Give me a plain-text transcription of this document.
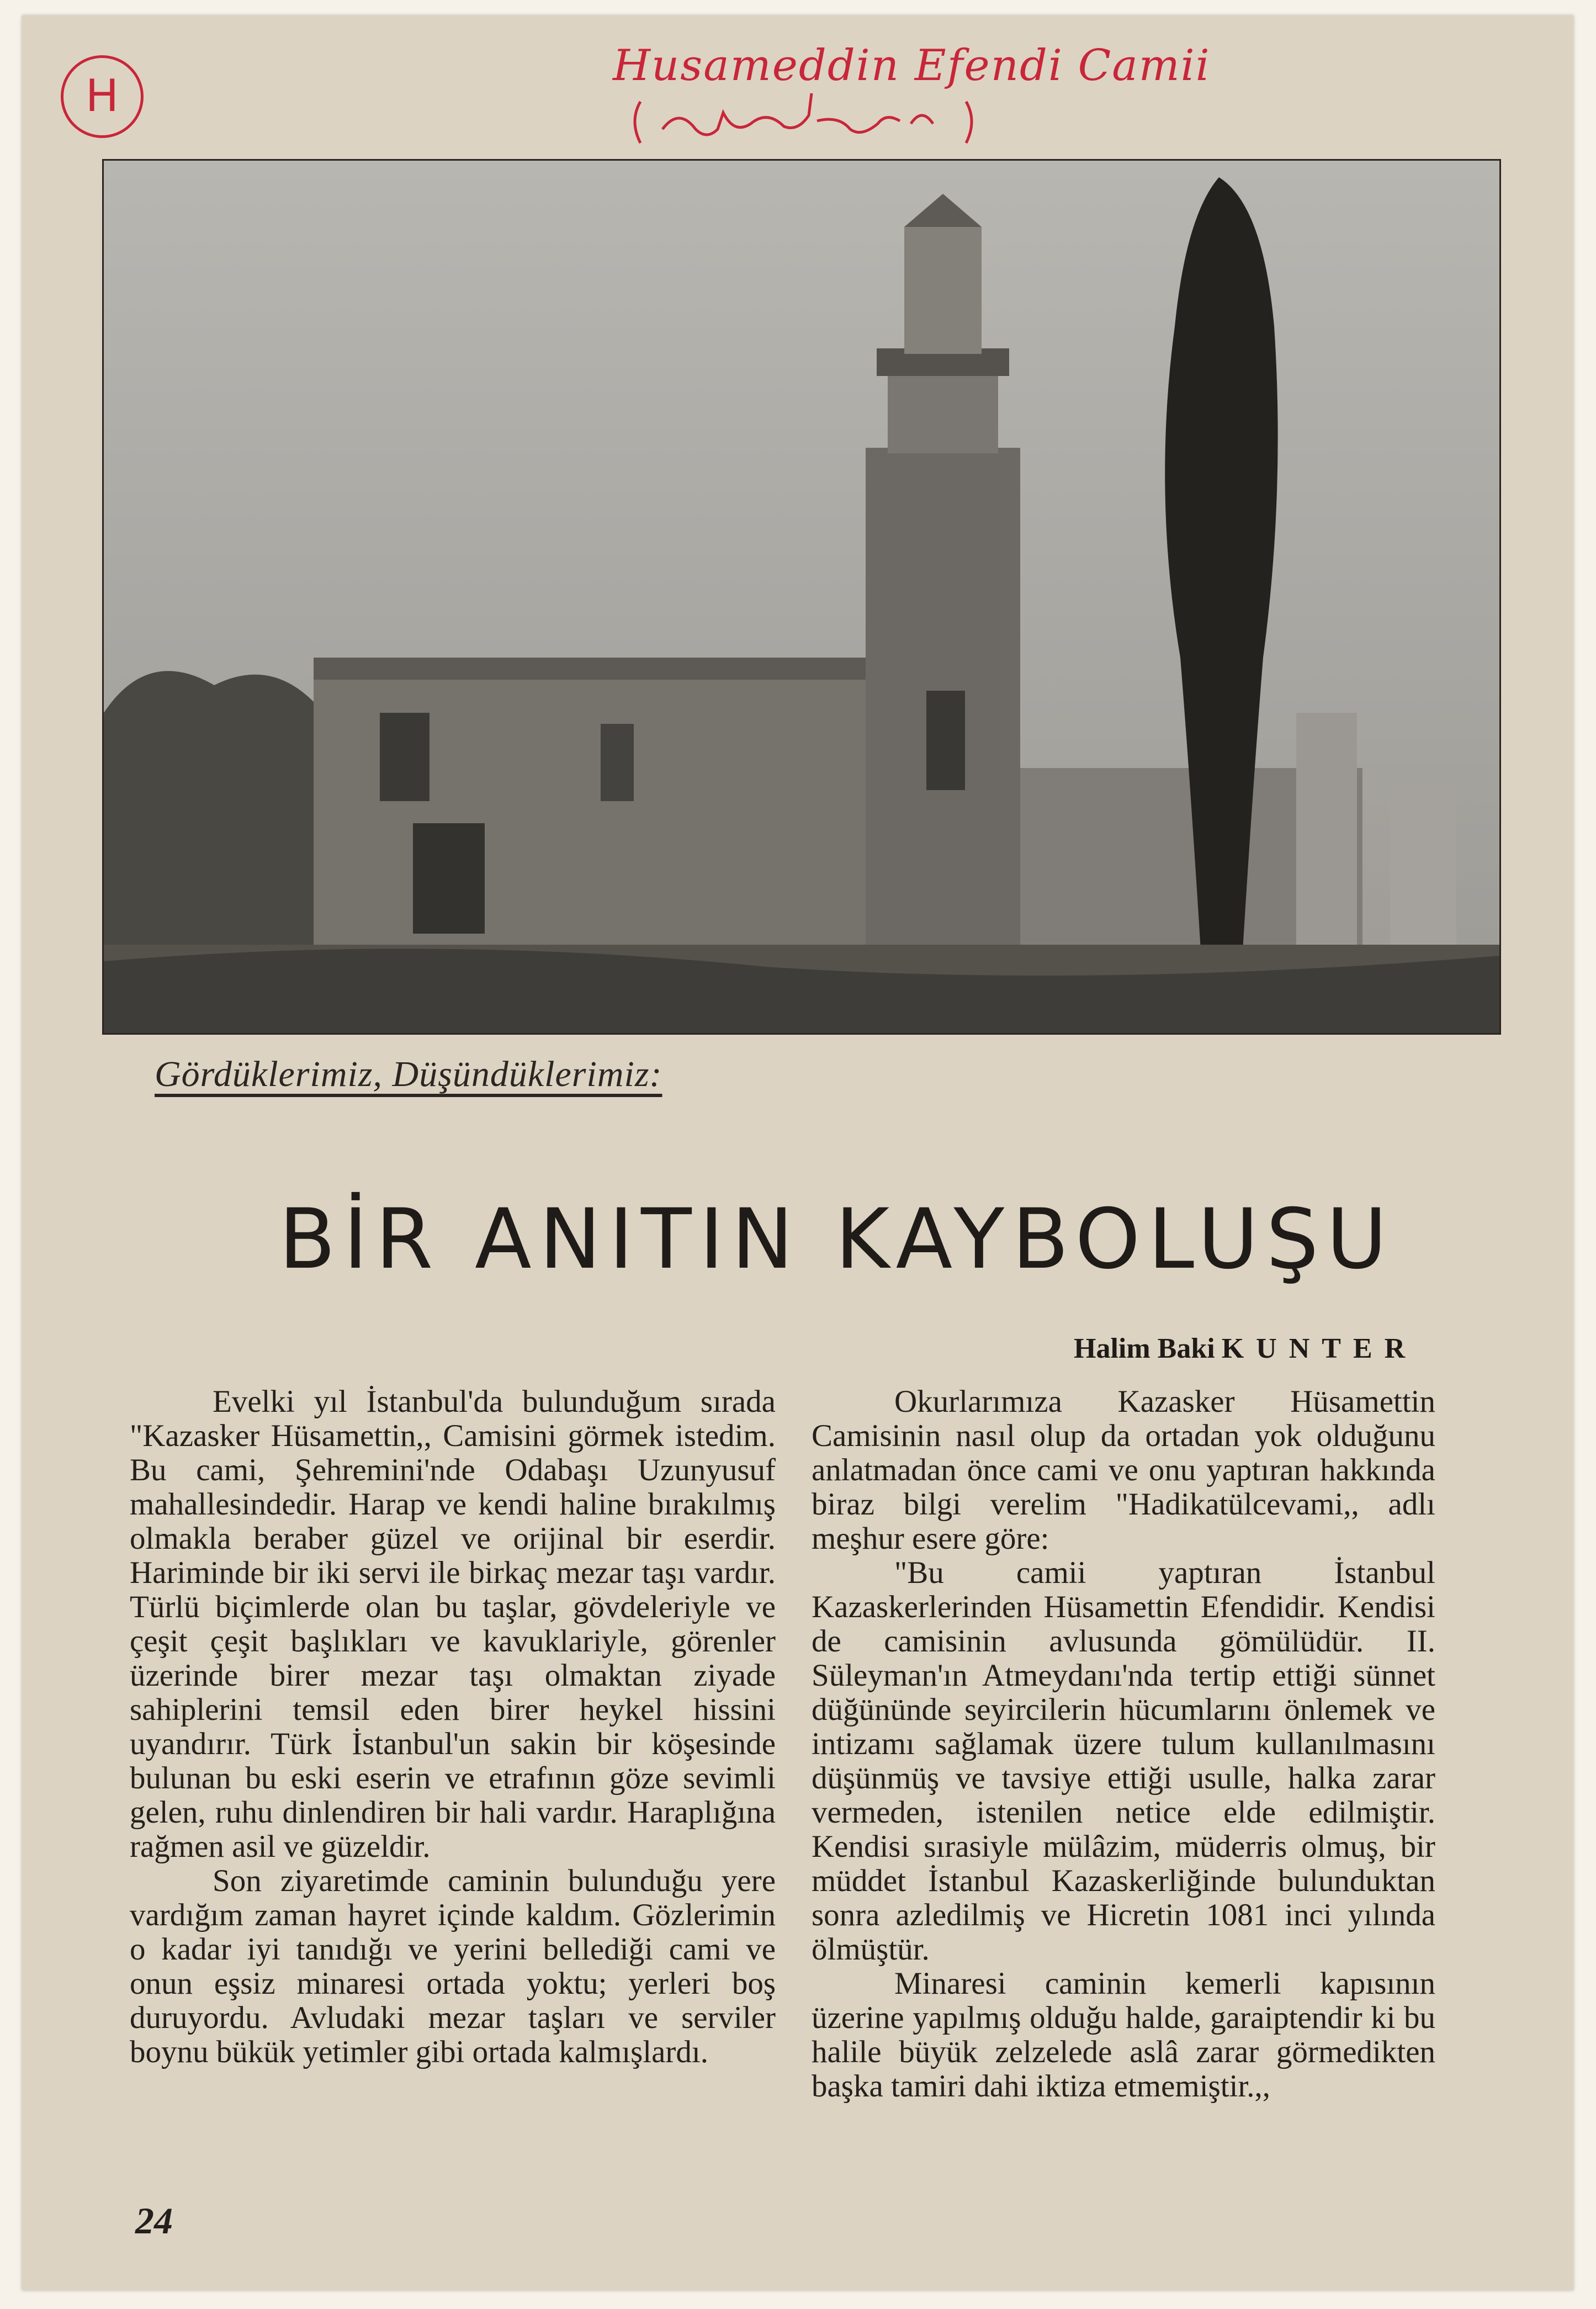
H
Husameddin Efendi Camii
Gördüklerimiz, Düşündüklerimiz:
BİR ANITIN KAYBOLUŞU
Halim Baki KUNTER

Evelki yıl İstanbul'da bulunduğum sırada "Kazasker Hüsamettin,, Camisini görmek istedim. Bu cami, Şehremini'nde Odabaşı Uzunyusuf mahallesindedir. Harap ve kendi haline bırakılmış olmakla beraber güzel ve orijinal bir eserdir. Hariminde bir iki servi ile birkaç mezar taşı vardır. Türlü biçimlerde olan bu taşlar, gövdeleriyle ve çeşit çeşit başlıkları ve kavuklariyle, görenler üzerinde birer mezar taşı olmaktan ziyade sahiplerini temsil eden birer heykel hissini uyandırır. Türk İstanbul'un sakin bir köşesinde bulunan bu eski eserin ve etrafının göze sevimli gelen, ruhu dinlendiren bir hali vardır. Haraplığına rağmen asil ve güzeldir.

Son ziyaretimde caminin bulunduğu yere vardığım zaman hayret içinde kaldım. Gözlerimin o kadar iyi tanıdığı ve yerini bellediği cami ve onun eşsiz minaresi ortada yoktu; yerleri boş duruyordu. Avludaki mezar taşları ve serviler boynu bükük yetimler gibi ortada kalmışlardı.

Okurlarımıza Kazasker Hüsamettin Camisinin nasıl olup da ortadan yok olduğunu anlatmadan önce cami ve onu yaptıran hakkında biraz bilgi verelim "Hadikatülcevami,, adlı meşhur esere göre:

"Bu camii yaptıran İstanbul Kazaskerlerinden Hüsamettin Efendidir. Kendisi de camisinin avlusunda gömülüdür. II. Süleyman'ın Atmeydanı'nda tertip ettiği sünnet düğününde seyircilerin hücumlarını önlemek ve intizamı sağlamak üzere tulum kullanılmasını düşünmüş ve tavsiye ettiği usulle, halka zarar vermeden, istenilen netice elde edilmiştir. Kendisi sırasiyle mülâzim, müderris olmuş, bir müddet İstanbul Kazaskerliğinde bulunduktan sonra azledilmiş ve Hicretin 1081 inci yılında ölmüştür.

Minaresi caminin kemerli kapısının üzerine yapılmış olduğu halde, garaiptendir ki bu halile büyük zelzelede aslâ zarar görmedikten başka tamiri dahi iktiza etmemiştir.,,

24
